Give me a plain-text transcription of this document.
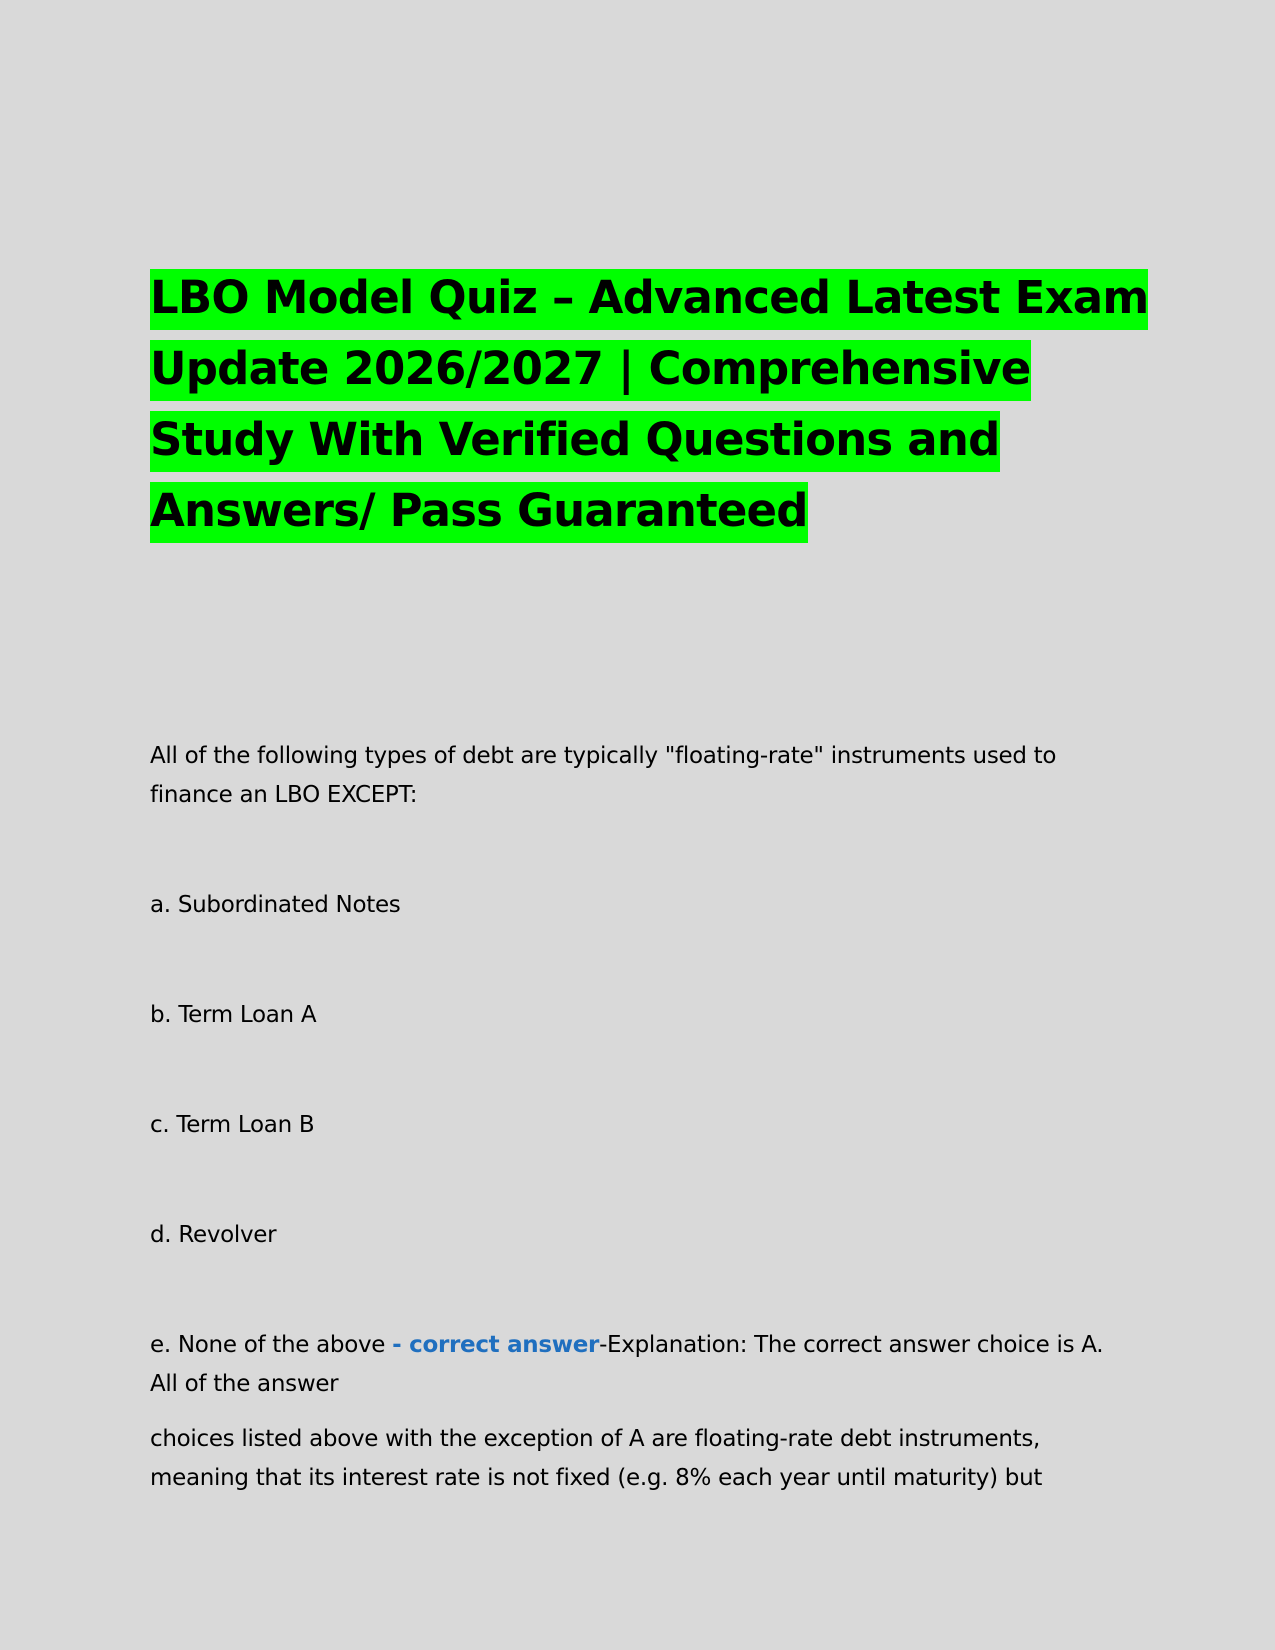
LBO Model Quiz – Advanced Latest Exam Update 2026/2027 | Comprehensive Study With Verified Questions and Answers/ Pass Guaranteed

All of the following types of debt are typically "floating-rate" instruments used to finance an LBO EXCEPT:

a. Subordinated Notes

b. Term Loan A

c. Term Loan B

d. Revolver

e. None of the above - correct answer-Explanation: The correct answer choice is A. All of the answer

choices listed above with the exception of A are floating-rate debt instruments, meaning that its interest rate is not fixed (e.g. 8% each year until maturity) but
